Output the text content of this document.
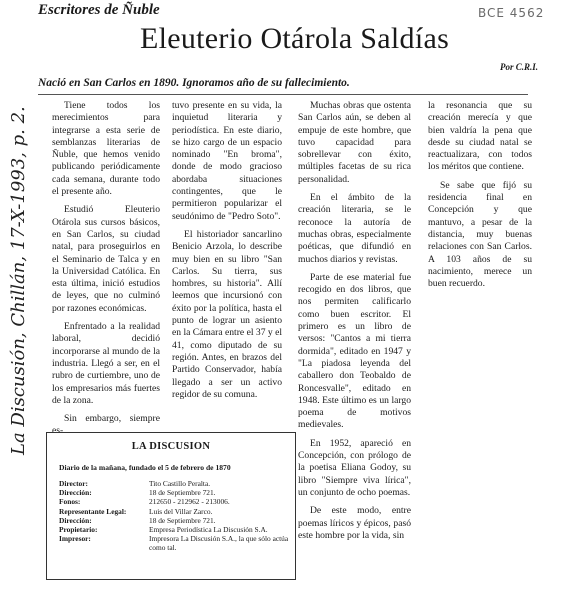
Escritores de Ñuble	BCE 4562
Eleuterio Otárola Saldías
Por C.R.I.
Nació en San Carlos en 1890. Ignoramos año de su fallecimiento.
La Discusión, Chillán, 17-X-1993, p. 2.

Tiene todos los merecimientos para integrarse a esta serie de semblanzas literarias de Ñuble, que hemos venido publicando periódicamente cada semana, durante todo el presente año.

Estudió Eleuterio Otárola sus cursos básicos, en San Carlos, su ciudad natal, para proseguirlos en el Seminario de Talca y en la Universidad Católica. En esta última, inició estudios de leyes, que no culminó por razones económicas.

Enfrentado a la realidad laboral, decidió incorporarse al mundo de la industria. Llegó a ser, en el rubro de curtiembre, uno de los empresarios más fuertes de la zona.

Sin embargo, siempre es-

tuvo presente en su vida, la inquietud literaria y periodística. En este diario, se hizo cargo de un espacio nominado "En broma", donde de modo gracioso abordaba situaciones contingentes, que le permitieron popularizar el seudónimo de "Pedro Soto".

El historiador sancarlino Benicio Arzola, lo describe muy bien en su libro "San Carlos. Su tierra, sus hombres, su historia". Allí leemos que incursionó con éxito por la política, hasta el punto de lograr un asiento en la Cámara entre el 37 y el 41, como diputado de su región. Antes, en brazos del Partido Conservador, había llegado a ser un activo regidor de su comuna.

Muchas obras que ostenta San Carlos aún, se deben al empuje de este hombre, que tuvo capacidad para sobrellevar con éxito, múltiples facetas de su rica personalidad.

En el ámbito de la creación literaria, se le reconoce la autoría de muchas obras, especialmente poéticas, que difundió en muchos diarios y revistas.

Parte de ese material fue recogido en dos libros, que nos permiten calificarlo como buen escritor. El primero es un libro de versos: "Cantos a mi tierra dormida", editado en 1947 y "La piadosa leyenda del caballero don Teobaldo de Roncesvalle", editado en 1948. Este último es un largo poema de motivos medievales.

En 1952, apareció en Concepción, con prólogo de la poetisa Eliana Godoy, su libro "Siempre viva lírica", un conjunto de ocho poemas.

De este modo, entre poemas líricos y épicos, pasó este hombre por la vida, sin

la resonancia que su creación merecía y que bien valdría la pena que desde su ciudad natal se reactualizara, con todos los méritos que contiene.

Se sabe que fijó su residencia final en Concepción y que mantuvo, a pesar de la distancia, muy buenas relaciones con San Carlos. A 103 años de su nacimiento, merece un buen recuerdo.

LA DISCUSION
Diario de la mañana, fundado el 5 de febrero de 1870
Director:	Tito Castillo Peralta.
Dirección:	18 de Septiembre 721.
Fonos:	212650 - 212962 - 213006.
Representante Legal:	Luis del Villar Zarco.
Dirección:	18 de Septiembre 721.
Propietario:	Empresa Periodística La Discusión S.A.
Impresor:	Impresora La Discusión S.A., la que sólo actúa como tal.
